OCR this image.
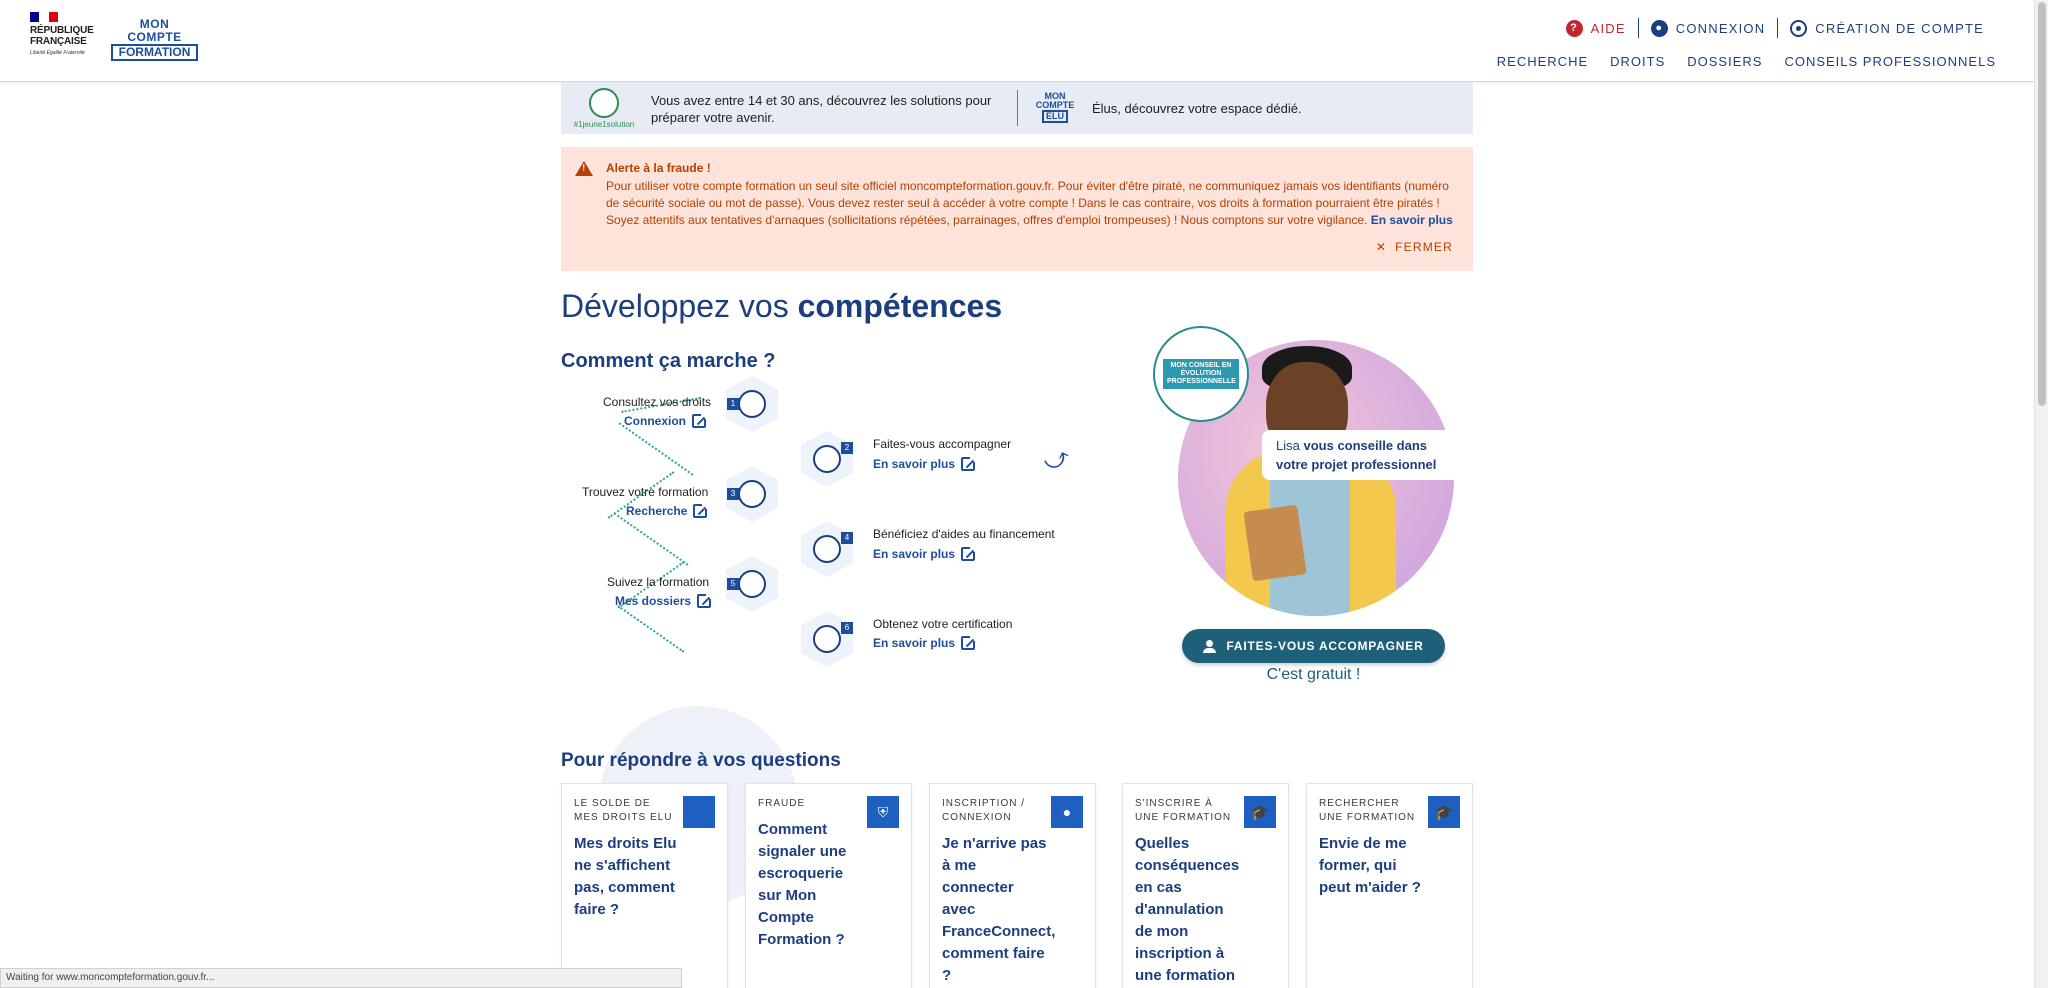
RÉPUBLIQUE FRANÇAISE
Liberté Égalité Fraternité
MON
COMPTE
FORMATION
? AIDE	● CONNEXION	CRÉATION DE COMPTE
RECHERCHE DROITS DOSSIERS CONSEILS PROFESSIONNELS
#1jeune1solution
Vous avez entre 14 et 30 ans, découvrez les solutions pour préparer votre avenir.
MON
COMPTE
ELU	Élus, découvrez votre espace dédié.
!
Alerte à la fraude !
Pour utiliser votre compte formation un seul site officiel moncompteformation.gouv.fr. Pour éviter d'être piraté, ne communiquez jamais vos identifiants (numéro de sécurité sociale ou mot de passe). Vous devez rester seul à accéder à votre compte ! Dans le cas contraire, vos droits à formation pourraient être piratés ! Soyez attentifs aux tentatives d'arnaques (sollicitations répétées, parrainages, offres d'emploi trompeuses) ! Nous comptons sur votre vigilance. En savoir plus
✕ FERMER
Développez vos compétences
Comment ça marche ?
1
2
3
4
5
6
Consultez vos droits
Connexion
Faites-vous accompagner
En savoir plus
Trouvez votre formation
Recherche
Bénéficiez d'aides au financement
En savoir plus
Suivez la formation
Mes dossiers
Obtenez votre certification
En savoir plus
⤻
MON CONSEIL EN ÉVOLUTION PROFESSIONNELLE
Lisa vous conseille dans votre projet professionnel
FAITES-VOUS ACCOMPAGNER
C'est gratuit !
Pour répondre à vos questions
LE SOLDE DE MES DROITS ELU
Mes droits Elu ne s'affichent pas, comment faire ?
FRAUDE
Comment signaler une escroquerie sur Mon Compte Formation ?
⛨	INSCRIPTION / CONNEXION
Je n'arrive pas à me connecter avec FranceConnect, comment faire ?
●
S'INSCRIRE À UNE FORMATION
Quelles conséquences en cas d'annulation de mon inscription à une formation
🎓	RECHERCHER UNE FORMATION
Envie de me former, qui peut m'aider ?
🎓
Waiting for www.moncompteformation.gouv.fr...
